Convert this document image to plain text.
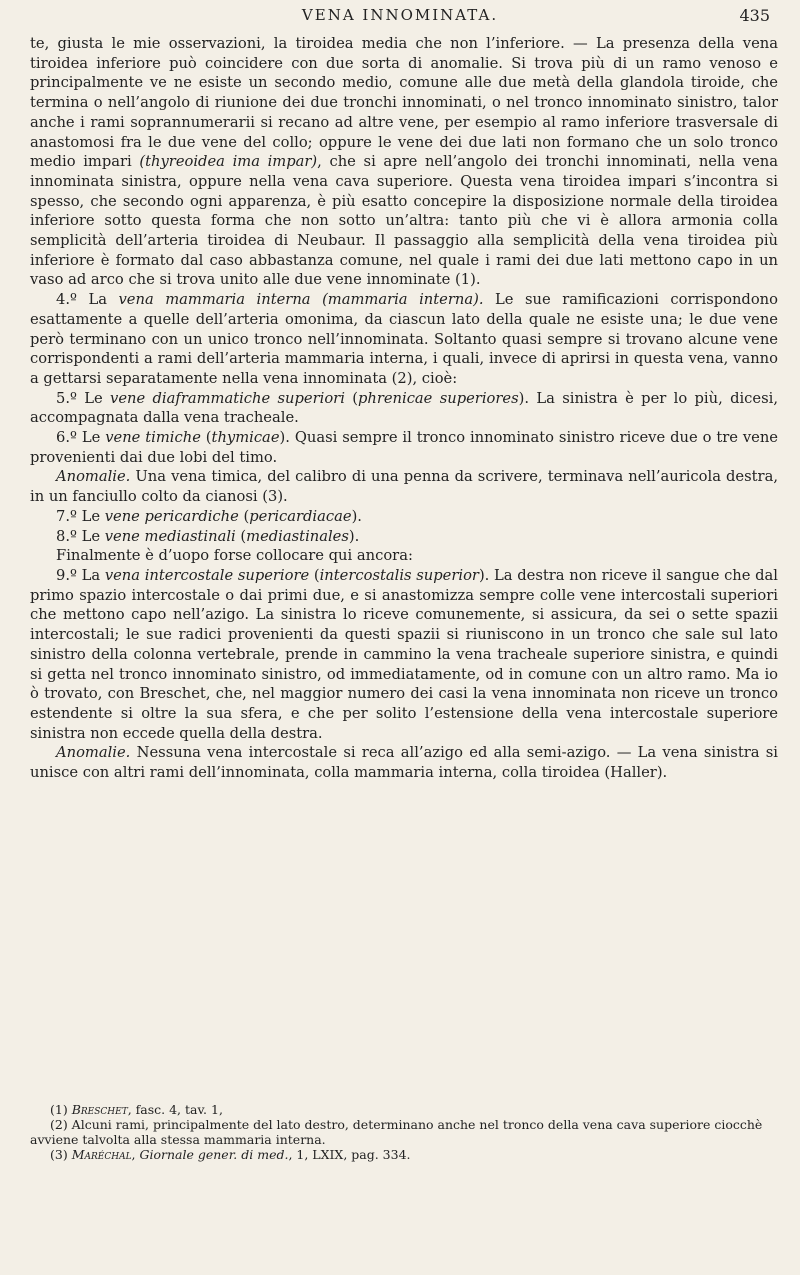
VENA INNOMINATA.	435

te, giusta le mie osservazioni, la tiroidea media che non l’inferiore. — La presenza della vena tiroidea inferiore può coincidere con due sorta di anomalie. Si trova più di un ramo venoso e principalmente ve ne esiste un secondo medio, comune alle due metà della glandola tiroide, che termina o nell’angolo di riunione dei due tronchi innominati, o nel tronco innominato sinistro, talor anche i rami soprannumerarii si recano ad altre vene, per esempio al ramo inferiore trasversale di anastomosi fra le due vene del collo; oppure le vene dei due lati non formano che un solo tronco medio impari (thyreoidea ima impar), che si apre nell’angolo dei tronchi innominati, nella vena innominata sinistra, oppure nella vena cava superiore. Questa vena tiroidea impari s’incontra si spesso, che secondo ogni apparenza, è più esatto concepire la disposizione normale della tiroidea inferiore sotto questa forma che non sotto un’altra: tanto più che vi è allora armonia colla semplicità dell’arteria tiroidea di Neubaur. Il passaggio alla semplicità della vena tiroidea più inferiore è formato dal caso abbastanza comune, nel quale i rami dei due lati mettono capo in un vaso ad arco che si trova unito alle due vene innominate (1).

4.º La vena mammaria interna (mammaria interna). Le sue ramificazioni corrispondono esattamente a quelle dell’arteria omonima, da ciascun lato della quale ne esiste una; le due vene però terminano con un unico tronco nell’innominata. Soltanto quasi sempre si trovano alcune vene corrispondenti a rami dell’arteria mammaria interna, i quali, invece di aprirsi in questa vena, vanno a gettarsi separatamente nella vena innominata (2), cioè:

5.º Le vene diaframmatiche superiori (phrenicae superiores). La sinistra è per lo più, dicesi, accompagnata dalla vena tracheale.

6.º Le vene timiche (thymicae). Quasi sempre il tronco innominato sinistro riceve due o tre vene provenienti dai due lobi del timo.

Anomalie. Una vena timica, del calibro di una penna da scrivere, terminava nell’auricola destra, in un fanciullo colto da cianosi (3).

7.º Le vene pericardiche (pericardiacae).

8.º Le vene mediastinali (mediastinales).

Finalmente è d’uopo forse collocare qui ancora:

9.º La vena intercostale superiore (intercostalis superior). La destra non riceve il sangue che dal primo spazio intercostale o dai primi due, e si anastomizza sempre colle vene intercostali superiori che mettono capo nell’azigo. La sinistra lo riceve comunemente, si assicura, da sei o sette spazii intercostali; le sue radici provenienti da questi spazii si riuniscono in un tronco che sale sul lato sinistro della colonna vertebrale, prende in cammino la vena tracheale superiore sinistra, e quindi si getta nel tronco innominato sinistro, od immediatamente, od in comune con un altro ramo. Ma io ò trovato, con Breschet, che, nel maggior numero dei casi la vena innominata non riceve un tronco estendente si oltre la sua sfera, e che per solito l’estensione della vena intercostale superiore sinistra non eccede quella della destra.

Anomalie. Nessuna vena intercostale si reca all’azigo ed alla semi-azigo. — La vena sinistra si unisce con altri rami dell’innominata, colla mammaria interna, colla tiroidea (Haller).

(1) Breschet, fasc. 4, tav. 1,

(2) Alcuni rami, principalmente del lato destro, determinano anche nel tronco della vena cava superiore ciocchè avviene talvolta alla stessa mammaria interna.

(3) Maréchal, Giornale gener. di med., 1, LXIX, pag. 334.
